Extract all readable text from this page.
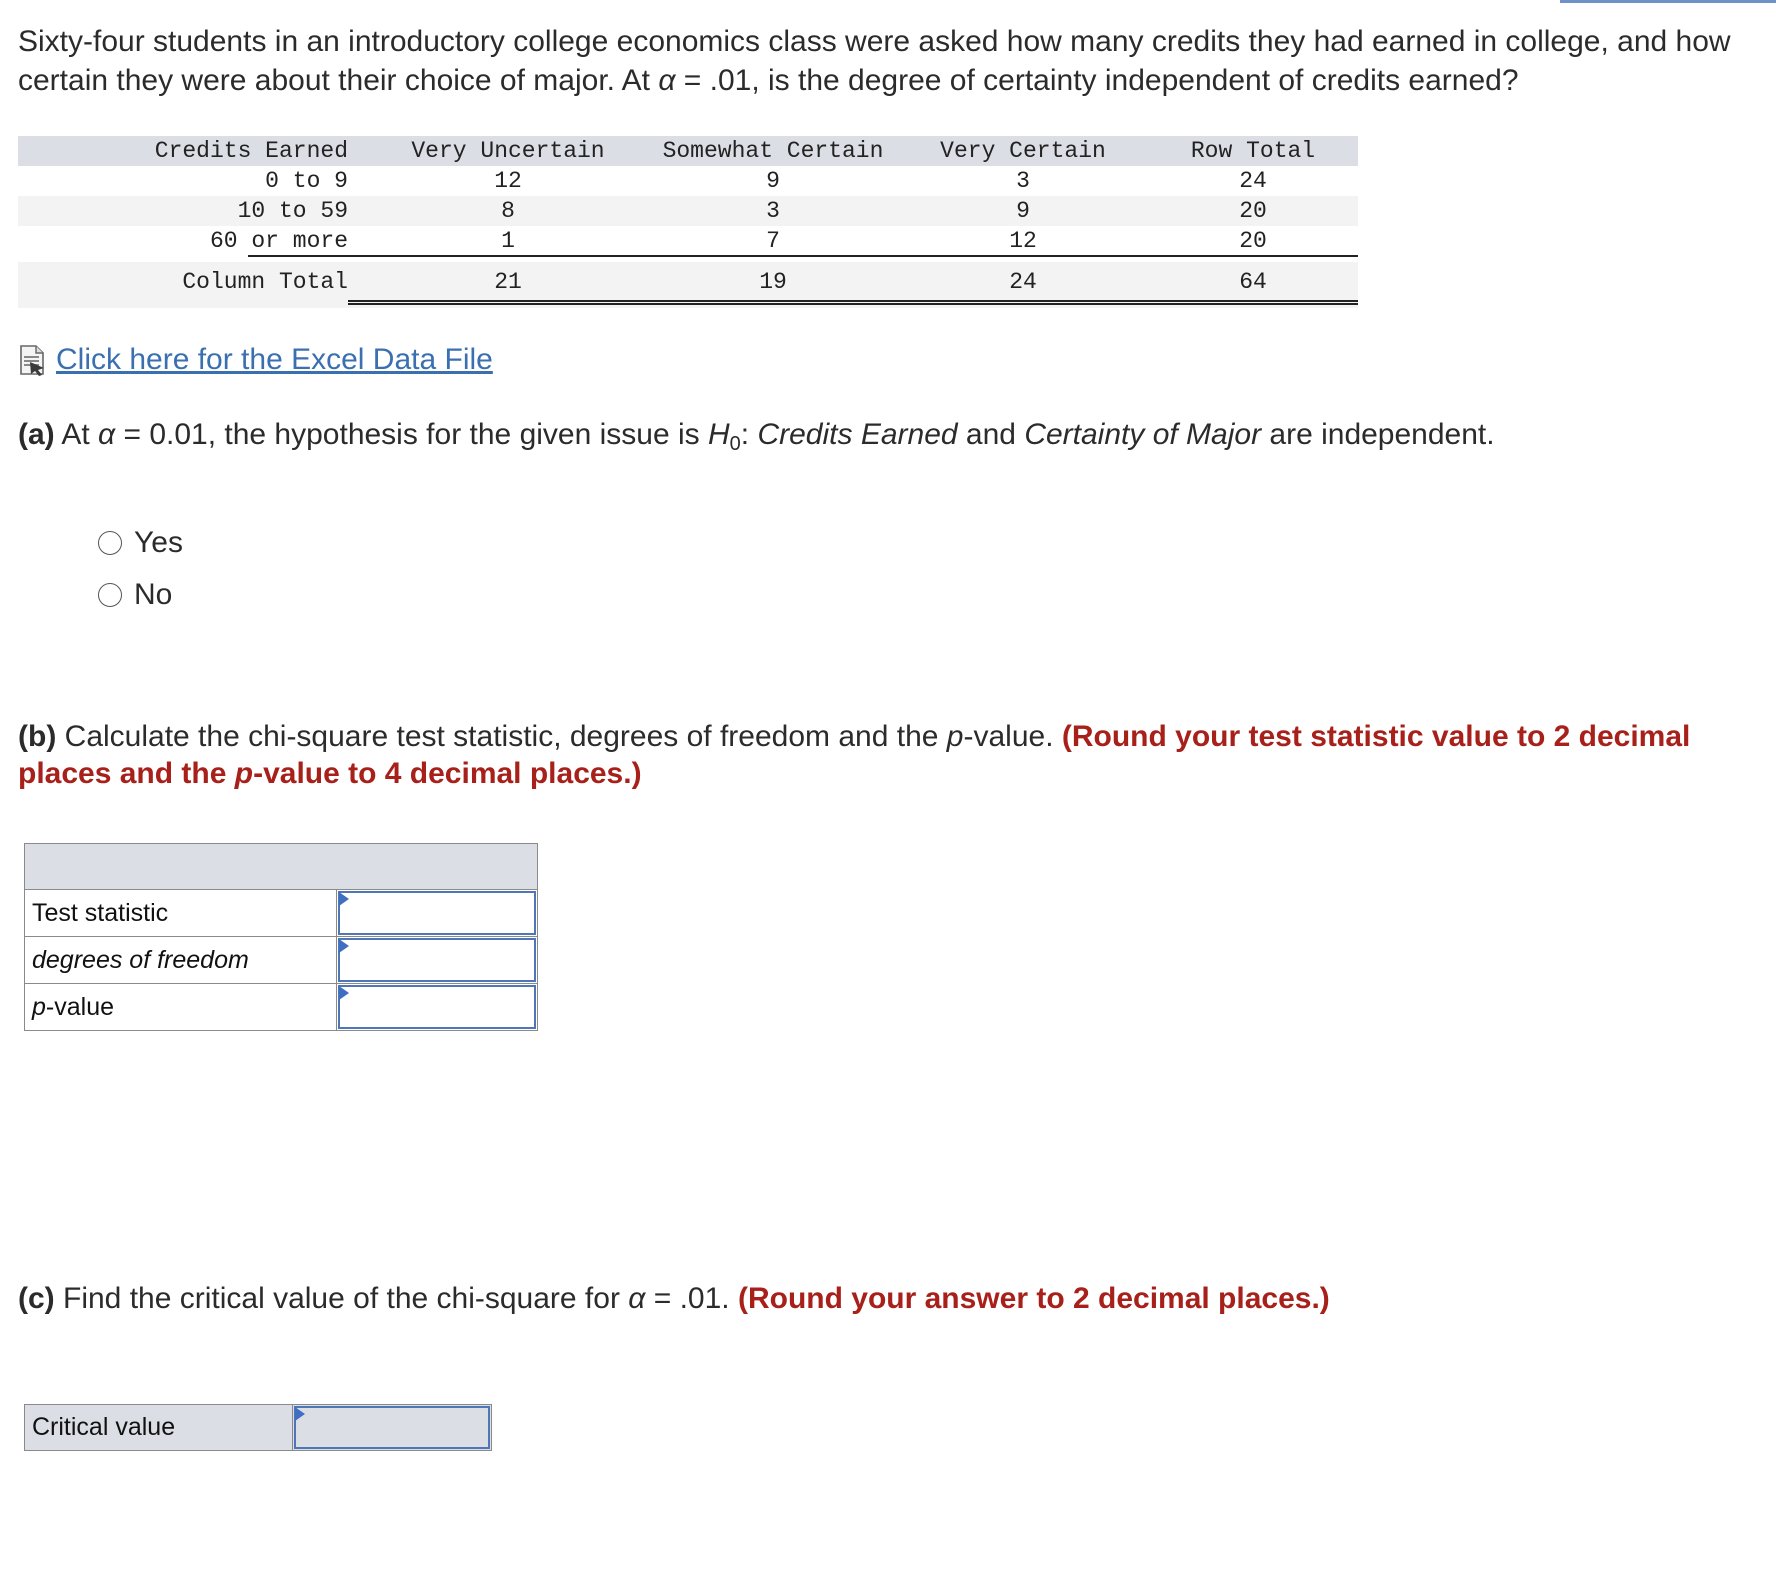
Sixty-four students in an introductory college economics class were asked how many credits they had earned in college, and how certain they were about their choice of major. At α = .01, is the degree of certainty independent of credits earned?
Credits Earned	Very Uncertain	Somewhat Certain	Very Certain	Row Total
0 to 9	12	9	3	24
10 to 59	8	3	9	20
60 or more	1	7	12	20
Column Total	21	19	24	64
Click here for the Excel Data File
(a) At α = 0.01, the hypothesis for the given issue is $H_0$: Credits Earned and Certainty of Major are independent.
Yes
No
(b) Calculate the chi-square test statistic, degrees of freedom and the p-value. (Round your test statistic value to 2 decimal places and the p-value to 4 decimal places.)
Test statistic
degrees of freedom
p-value
(c) Find the critical value of the chi-square for α = .01. (Round your answer to 2 decimal places.)
Critical value
